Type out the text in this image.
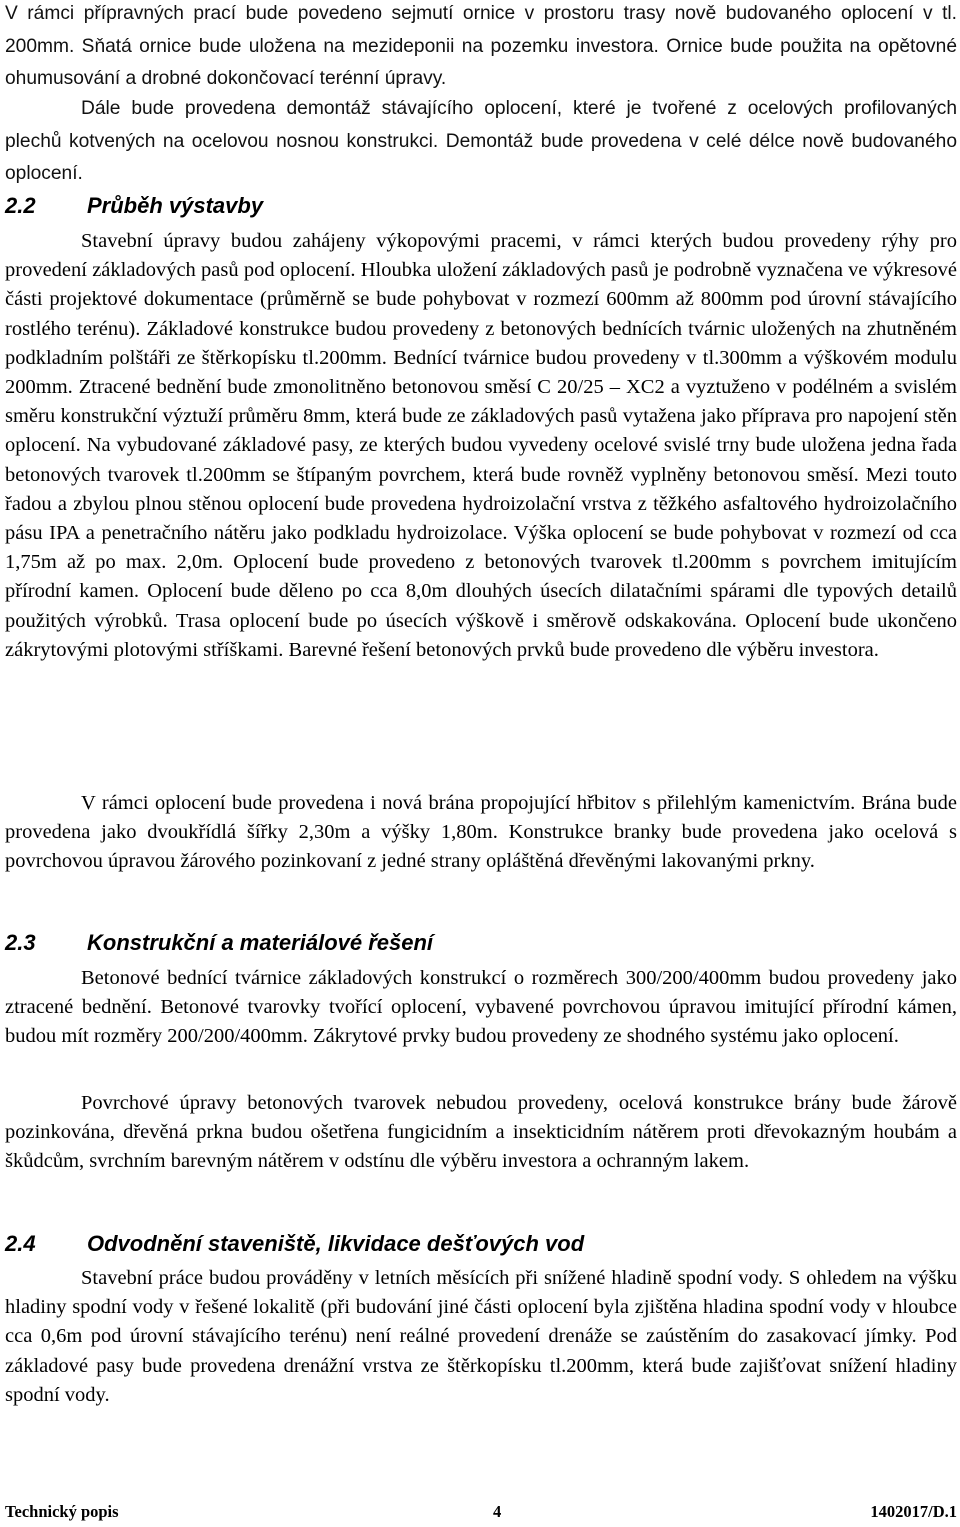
V rámci přípravných prací bude povedeno sejmutí ornice v prostoru trasy nově budovaného oplocení v tl. 200mm. Sňatá ornice bude uložena na mezideponii na pozemku investora. Ornice bude použita na opětovné ohumusování a drobné dokončovací terénní úpravy.

Dále bude provedena demontáž stávajícího oplocení, které je tvořené z ocelových profilovaných plechů kotvených na ocelovou nosnou konstrukci. Demontáž bude provedena v celé délce nově budovaného oplocení.

2.2 Průběh výstavby

Stavební úpravy budou zahájeny výkopovými pracemi, v rámci kterých budou provedeny rýhy pro provedení základových pasů pod oplocení. Hloubka uložení základových pasů je podrobně vyznačena ve výkresové části projektové dokumentace (průměrně se bude pohybovat v rozmezí 600mm až 800mm pod úrovní stávajícího rostlého terénu). Základové konstrukce budou provedeny z betonových bednících tvárnic uložených na zhutněném podkladním polštáři ze štěrkopísku tl.200mm. Bednící tvárnice budou provedeny v tl.300mm a výškovém modulu 200mm. Ztracené bednění bude zmonolitněno betonovou směsí C 20/25 – XC2 a vyztuženo v podélném a svislém směru konstrukční výztuží průměru 8mm, která bude ze základových pasů vytažena jako příprava pro napojení stěn oplocení. Na vybudované základové pasy, ze kterých budou vyvedeny ocelové svislé trny bude uložena jedna řada betonových tvarovek tl.200mm se štípaným povrchem, která bude rovněž vyplněny betonovou směsí. Mezi touto řadou a zbylou plnou stěnou oplocení bude provedena hydroizolační vrstva z těžkého asfaltového hydroizolačního pásu IPA a penetračního nátěru jako podkladu hydroizolace. Výška oplocení se bude pohybovat v rozmezí od cca 1,75m až po max. 2,0m. Oplocení bude provedeno z betonových tvarovek tl.200mm s povrchem imitujícím přírodní kamen. Oplocení bude děleno po cca 8,0m dlouhých úsecích dilatačními spárami dle typových detailů použitých výrobků. Trasa oplocení bude po úsecích výškově i směrově odskakována. Oplocení bude ukončeno zákrytovými plotovými stříškami. Barevné řešení betonových prvků bude provedeno dle výběru investora.

V rámci oplocení bude provedena i nová brána propojující hřbitov s přilehlým kamenictvím. Brána bude provedena jako dvoukřídlá šířky 2,30m a výšky 1,80m. Konstrukce branky bude provedena jako ocelová s povrchovou úpravou žárového pozinkovaní z jedné strany opláštěná dřevěnými lakovanými prkny.

2.3 Konstrukční a materiálové řešení

Betonové bednící tvárnice základových konstrukcí o rozměrech 300/200/400mm budou provedeny jako ztracené bednění. Betonové tvarovky tvořící oplocení, vybavené povrchovou úpravou imitující přírodní kámen, budou mít rozměry 200/200/400mm. Zákrytové prvky budou provedeny ze shodného systému jako oplocení.

Povrchové úpravy betonových tvarovek nebudou provedeny, ocelová konstrukce brány bude žárově pozinkována, dřevěná prkna budou ošetřena fungicidním a insekticidním nátěrem proti dřevokazným houbám a škůdcům, svrchním barevným nátěrem v odstínu dle výběru investora a ochranným lakem.

2.4 Odvodnění staveniště, likvidace dešťových vod

Stavební práce budou prováděny v letních měsících při snížené hladině spodní vody. S ohledem na výšku hladiny spodní vody v řešené lokalitě (při budování jiné části oplocení byla zjištěna hladina spodní vody v hloubce cca 0,6m pod úrovní stávajícího terénu) není reálné provedení drenáže se zaústěním do zasakovací jímky. Pod základové pasy bude provedena drenážní vrstva ze štěrkopísku tl.200mm, která bude zajišťovat snížení hladiny spodní vody.

Technický popis	4	1402017/D.1
